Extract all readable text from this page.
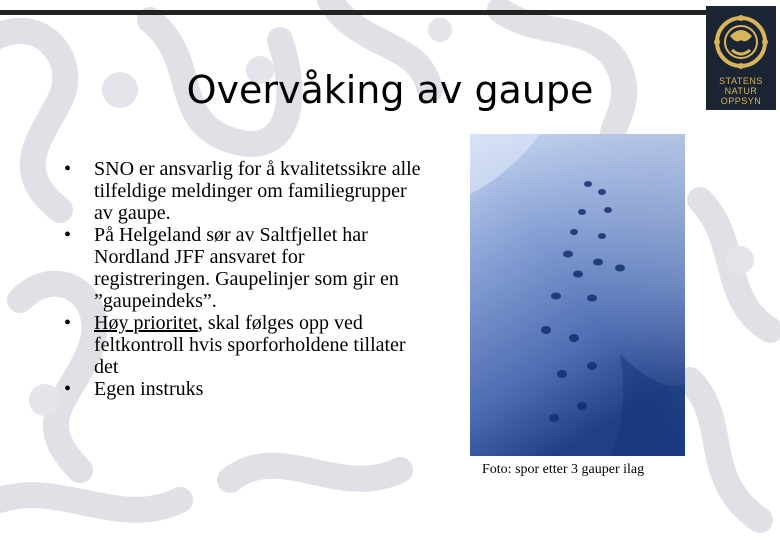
STATENS
NATUR
OPPSYN
Overvåking av gaupe
• SNO er ansvarlig for å kvalitetssikre alle tilfeldige meldinger om familiegrupper av gaupe.
• På Helgeland sør av Saltfjellet har Nordland JFF ansvaret for registreringen. Gaupelinjer som gir en ”gaupeindeks”.
• Høy prioritet, skal følges opp ved feltkontroll hvis sporforholdene tillater det
• Egen instruks
Foto: spor etter 3 gauper ilag
